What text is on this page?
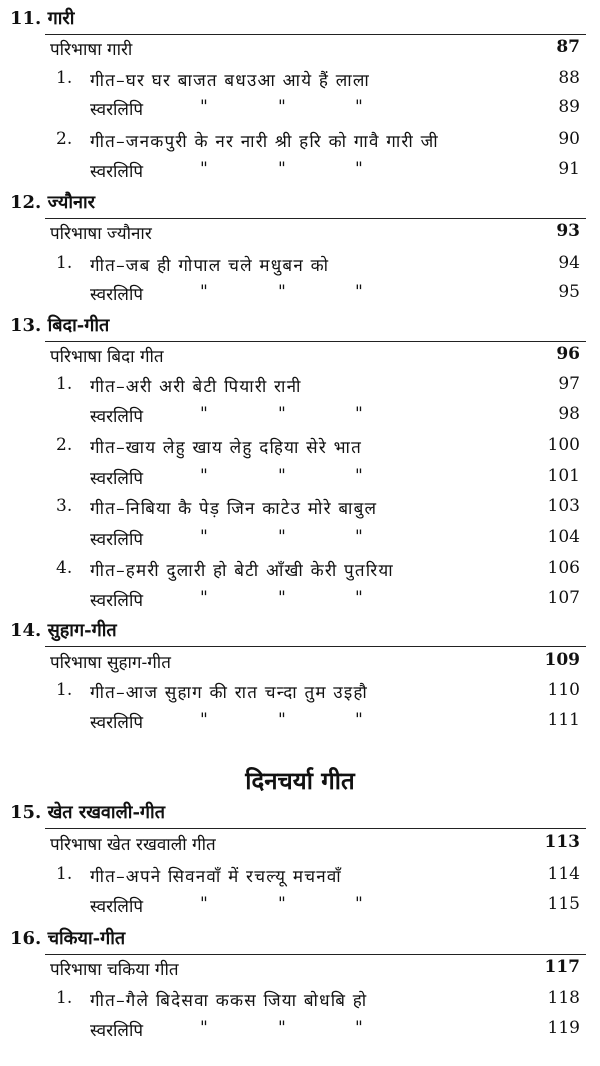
11. गारी
परिभाषा गारी	87
1. गीत–घर घर बाजत बधउआ आये हैं लाला	88
स्वरलिपि	"	"	"	89
2. गीत–जनकपुरी के नर नारी श्री हरि को गावै गारी जी	90
स्वरलिपि	"	"	"	91
12. ज्यौनार
परिभाषा ज्यौनार	93
1. गीत–जब ही गोपाल चले मधुबन को	94
स्वरलिपि	"	"	"	95
13. बिदा-गीत
परिभाषा बिदा गीत	96
1. गीत–अरी अरी बेटी पियारी रानी	97
स्वरलिपि	"	"	"	98
2. गीत–खाय लेहु खाय लेहु दहिया सेरे भात	100
स्वरलिपि	"	"	"	101
3. गीत–निबिया कै पेड़ जिन काटेउ मोरे बाबुल	103
स्वरलिपि	"	"	"	104
4. गीत–हमरी दुलारी हो बेटी आँखी केरी पुतरिया	106
स्वरलिपि	"	"	"	107
14. सुहाग-गीत
परिभाषा सुहाग-गीत	109
1. गीत–आज सुहाग की रात चन्दा तुम उइहौ	110
स्वरलिपि	"	"	"	111
दिनचर्या गीत
15. खेत रखवाली-गीत
परिभाषा खेत रखवाली गीत	113
1. गीत–अपने सिवनवाँ में रचल्यू मचनवाँ	114
स्वरलिपि	"	"	"	115
16. चकिया-गीत
परिभाषा चकिया गीत	117
1. गीत–गैले बिदेसवा ककस जिया बोधबि हो	118
स्वरलिपि	"	"	"	119
